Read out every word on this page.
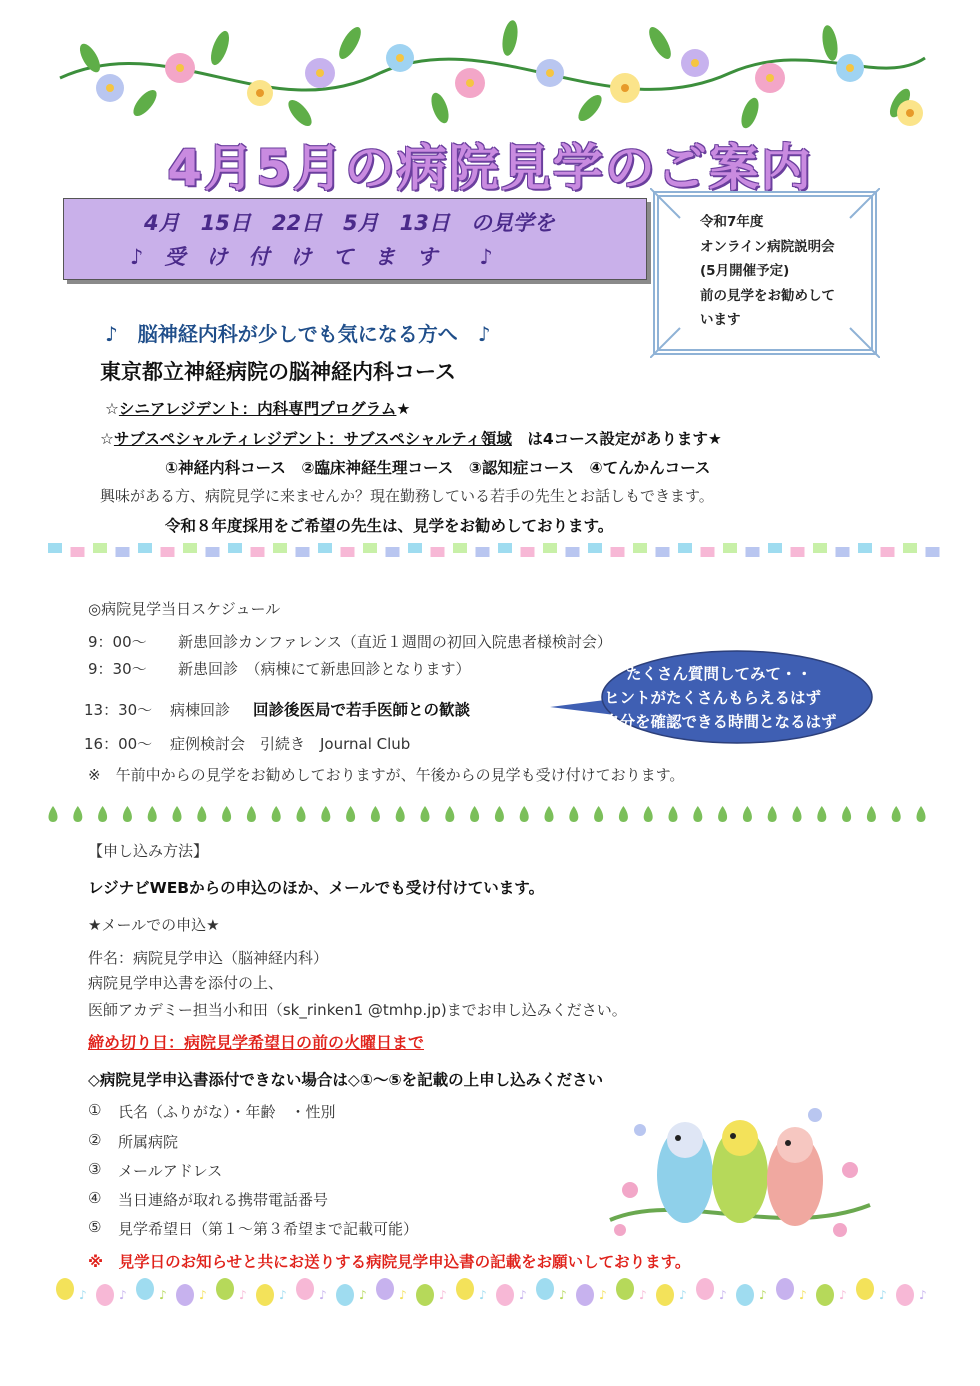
4月5月の病院見学のご案内
4月　15日　22日　5月　13日　の見学を
♪　受　け　付　け　て　ま　す　　♪
令和7年度
オンライン病院説明会
(5月開催予定)
前の見学をお勧めして
います
♪　脳神経内科が少しでも気になる方へ　♪
東京都立神経病院の脳神経内科コース
☆シニアレジデント：内科専門プログラム★
☆サブスペシャルティレジデント：サブスペシャルティ領域　は4コース設定があります★
①神経内科コース　②臨床神経生理コース　③認知症コース　④てんかんコース
興味がある方、病院見学に来ませんか？現在勤務している若手の先生とお話しもできます。
令和８年度採用をご希望の先生は、見学をお勧めしております。
◎病院見学当日スケジュール
9：00～ 新患回診カンファレンス（直近１週間の初回入院患者様検討会）
9：30～ 新患回診　（病棟にて新患回診となります）
13：30～ 病棟回診 回診後医局で若手医師との歓談
16：00～ 症例検討会　引続き　Journal Club
※　午前中からの見学をお勧めしておりますが、午後からの見学も受け付けております。
たくさん質問してみて・・
ヒントがたくさんもらえるはず
自分を確認できる時間となるはず
【申し込み方法】
レジナビWEBからの申込のほか、メールでも受け付けています。
★メールでの申込★
件名：病院見学申込（脳神経内科）
病院見学申込書を添付の上、
医師アカデミー担当小和田（sk_rinken1 @tmhp.jp)までお申し込みください。
締め切り日：病院見学希望日の前の火曜日まで
◇病院見学申込書添付できない場合は◇①～⑤を記載の上申し込みください
① 氏名（ふりがな）・年齢　・性別
② 所属病院
③ メールアドレス
④ 当日連絡が取れる携帯電話番号
⑤ 見学希望日（第１～第３希望まで記載可能）
※　見学日のお知らせと共にお送りする病院見学申込書の記載をお願いしております。
♪	♪	♪	♪	♪	♪	♪	♪	♪	♪	♪	♪	♪	♪	♪	♪	♪	♪	♪	♪	♪	♪
